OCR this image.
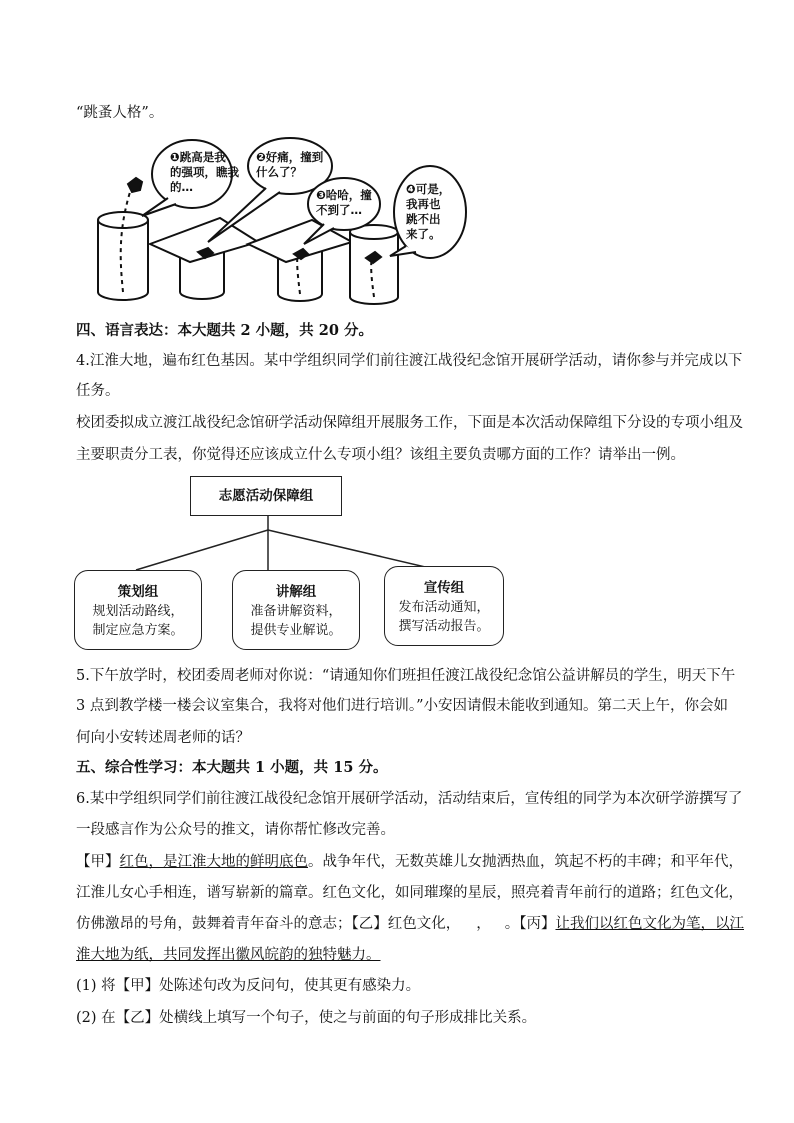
“跳蚤人格”。
❶跳高是我
的强项，瞧我
的…
❷好痛，撞到
什么了？
❸哈哈，撞
不到了…
❹可是，
我再也
跳不出
来了。
四、语言表达：本大题共 2 小题，共 20 分。
4.江淮大地，遍布红色基因。某中学组织同学们前往渡江战役纪念馆开展研学活动，请你参与并完成以下
任务。
校团委拟成立渡江战役纪念馆研学活动保障组开展服务工作，下面是本次活动保障组下分设的专项小组及
主要职责分工表，你觉得还应该成立什么专项小组？该组主要负责哪方面的工作？请举出一例。
志愿活动保障组
策划组
规划活动路线，
制定应急方案。
讲解组
准备讲解资料，
提供专业解说。
宣传组
发布活动通知，
撰写活动报告。
5.下午放学时，校团委周老师对你说：“请通知你们班担任渡江战役纪念馆公益讲解员的学生，明天下午
3 点到教学楼一楼会议室集合，我将对他们进行培训。”小安因请假未能收到通知。第二天上午，你会如
何向小安转述周老师的话？
五、综合性学习：本大题共 1 小题，共 15 分。
6.某中学组织同学们前往渡江战役纪念馆开展研学活动，活动结束后，宣传组的同学为本次研学游撰写了
一段感言作为公众号的推文，请你帮忙修改完善。
【甲】红色，是江淮大地的鲜明底色。战争年代，无数英雄儿女抛洒热血，筑起不朽的丰碑；和平年代，
江淮儿女心手相连，谱写崭新的篇章。红色文化，如同璀璨的星辰，照亮着青年前行的道路；红色文化，
仿佛激昂的号角，鼓舞着青年奋斗的意志；【乙】红色文化， ， 。【丙】让我们以红色文化为笔，以江
淮大地为纸，共同发挥出徽风皖韵的独特魅力。
(1) 将【甲】处陈述句改为反问句，使其更有感染力。
(2) 在【乙】处横线上填写一个句子，使之与前面的句子形成排比关系。
